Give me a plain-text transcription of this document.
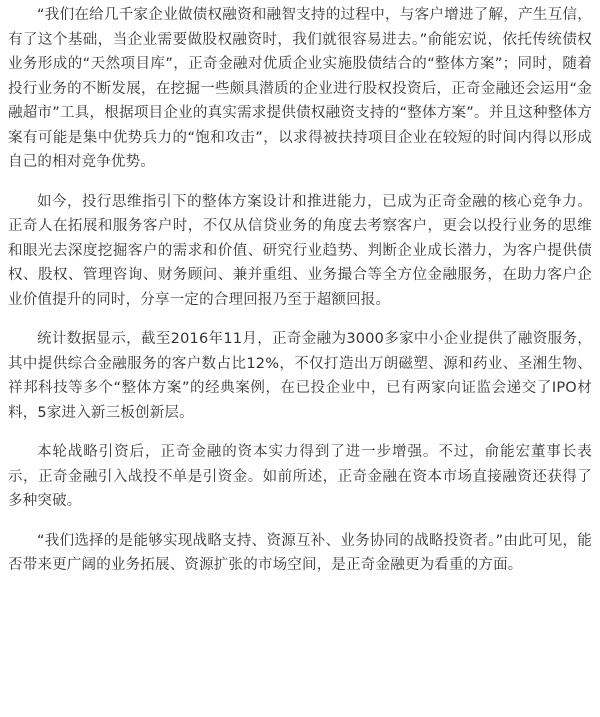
“我们在给几千家企业做债权融资和融智支持的过程中，与客户增进了解，产生互信，有了这个基础，当企业需要做股权融资时，我们就很容易进去。”俞能宏说，依托传统债权业务形成的“天然项目库”，正奇金融对优质企业实施股债结合的“整体方案”；同时，随着投行业务的不断发展，在挖掘一些颇具潜质的企业进行股权投资后，正奇金融还会运用“金融超市”工具，根据项目企业的真实需求提供债权融资支持的“整体方案”。并且这种整体方案有可能是集中优势兵力的“饱和攻击”，以求得被扶持项目企业在较短的时间内得以形成自己的相对竞争优势。

如今，投行思维指引下的整体方案设计和推进能力，已成为正奇金融的核心竞争力。正奇人在拓展和服务客户时，不仅从信贷业务的角度去考察客户，更会以投行业务的思维和眼光去深度挖掘客户的需求和价值、研究行业趋势、判断企业成长潜力，为客户提供债权、股权、管理咨询、财务顾问、兼并重组、业务撮合等全方位金融服务，在助力客户企业价值提升的同时，分享一定的合理回报乃至于超额回报。

统计数据显示，截至2016年11月，正奇金融为3000多家中小企业提供了融资服务，其中提供综合金融服务的客户数占比12%，不仅打造出万朗磁塑、源和药业、圣湘生物、祥邦科技等多个“整体方案”的经典案例，在已投企业中，已有两家向证监会递交了IPO材料，5家进入新三板创新层。

本轮战略引资后，正奇金融的资本实力得到了进一步增强。不过，俞能宏董事长表示，正奇金融引入战投不单是引资金。如前所述，正奇金融在资本市场直接融资还获得了多种突破。

“我们选择的是能够实现战略支持、资源互补、业务协同的战略投资者。”由此可见，能否带来更广阔的业务拓展、资源扩张的市场空间，是正奇金融更为看重的方面。
